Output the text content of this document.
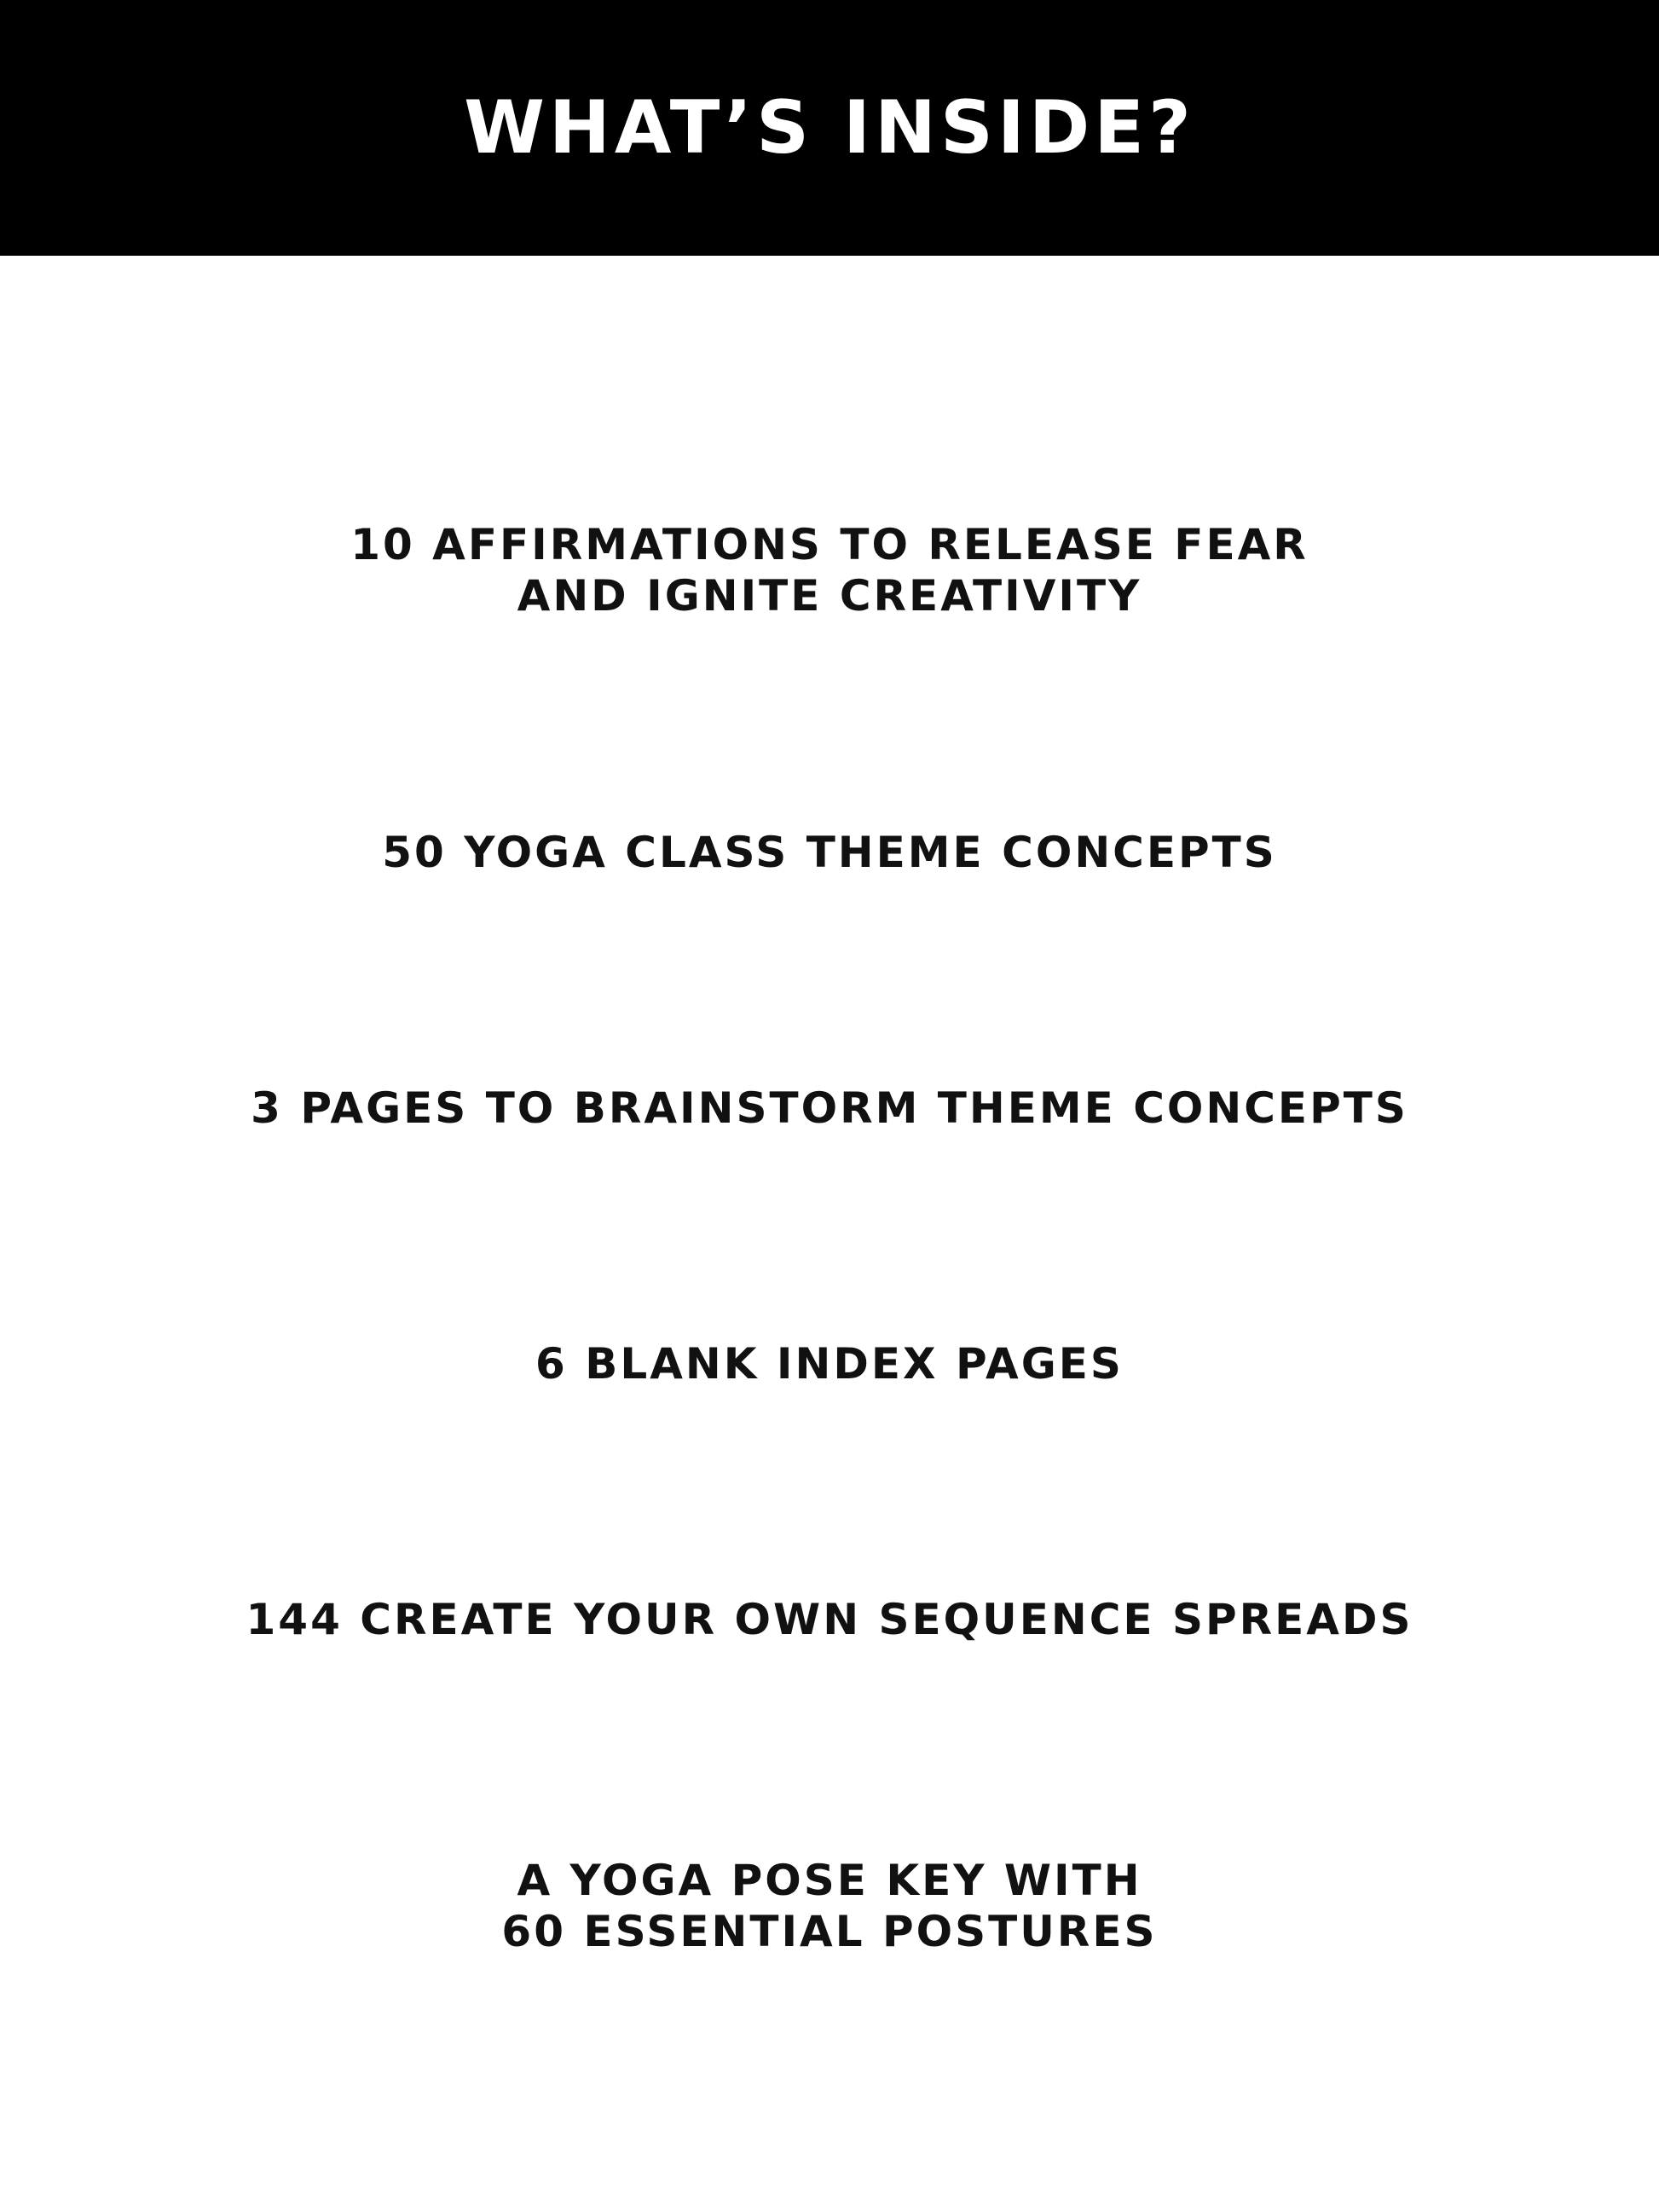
WHAT’S INSIDE?
10 AFFIRMATIONS TO RELEASE FEAR
AND IGNITE CREATIVITY
50 YOGA CLASS THEME CONCEPTS
3 PAGES TO BRAINSTORM THEME CONCEPTS
6 BLANK INDEX PAGES
144 CREATE YOUR OWN SEQUENCE SPREADS
A YOGA POSE KEY WITH
60 ESSENTIAL POSTURES
